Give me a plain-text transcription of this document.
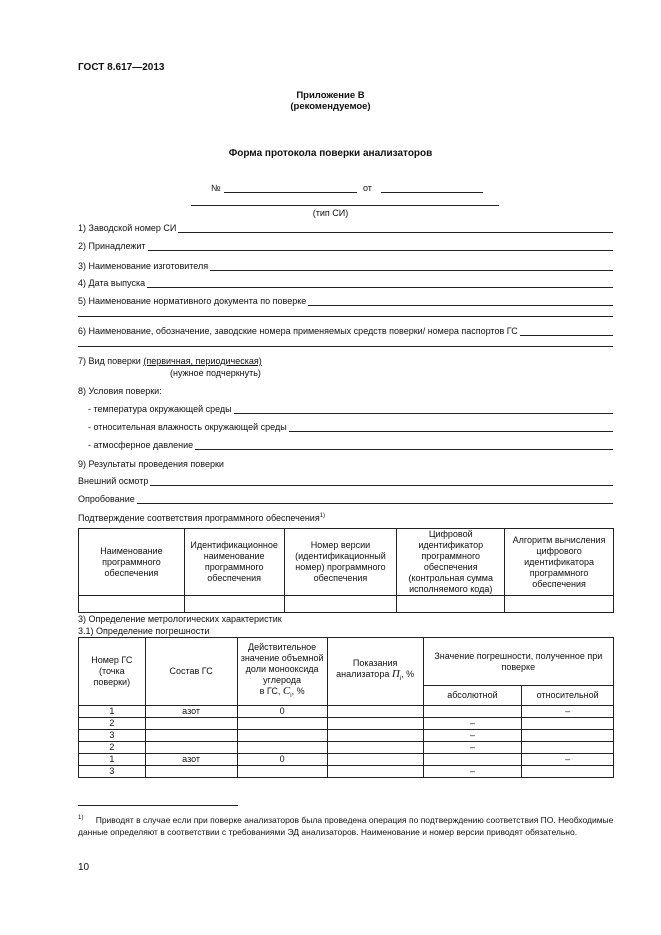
ГОСТ 8.617—2013
Приложение В
(рекомендуемое)
Форма протокола поверки анализаторов
№	от
(тип СИ)
1) Заводской номер СИ
2) Принадлежит
3) Наименование изготовителя
4) Дата выпуска
5) Наименование нормативного документа по поверке
6) Наименование, обозначение, заводские номера применяемых средств поверки/ номера паспортов ГС
7) Вид поверки (первичная, периодическая)
(нужное подчеркнуть)
8) Условия поверки:
- температура окружающей среды
- относительная влажность окружающей среды
- атмосферное давление
9) Результаты проведения поверки
Внешний осмотр
Опробование
Подтверждение соответствия программного обеспечения$^{1)}$
Наименование программного обеспечения	Идентификационное наименование программного обеспечения	Номер версии (идентификационный номер) программного обеспечения	Цифровой идентификатор программного обеспечения (контрольная сумма исполняемого кода)	Алгоритм вычисления цифрового идентификатора программного обеспечения

3) Определение метрологических характеристик
3.1) Определение погрешности
Номер ГС (точка поверки)	Состав ГС	Действительное значение объемной доли монооксида углерода
в ГС, $C_i$, %	Показания анализатора $П_i$, %	Значение погрешности, полученное при поверке	
				абсолютной	относительной
1	азот	0			–
2				–	
3				–	
2				–	
1	азот	0			–
3				–	
$^{1)}$ Приводят в случае если при поверке анализаторов была проведена операция по подтверждению соответствия ПО. Необходимые данные определяют в соответствии с требованиями ЭД анализаторов. Наименование и номер версии приводят обязательно.
10
